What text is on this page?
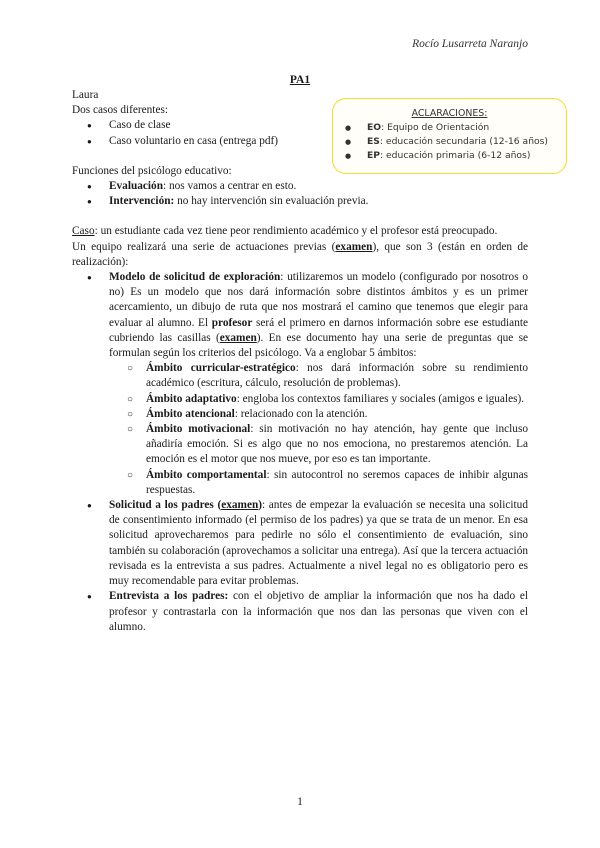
Rocío Lusarreta Naranjo
PA1
ACLARACIONES:
● EO: Equipo de Orientación
● ES: educación secundaria (12-16 años)
● EP: educación primaria (6-12 años)

Laura

Dos casos diferentes:

● Caso de clase
● Caso voluntario en casa (entrega pdf)

Funciones del psicólogo educativo:

● Evaluación: nos vamos a centrar en esto.
● Intervención: no hay intervención sin evaluación previa.

Caso: un estudiante cada vez tiene peor rendimiento académico y el profesor está preocupado.

Un equipo realizará una serie de actuaciones previas (examen), que son 3 (están en orden de realización):

● Modelo de solicitud de exploración: utilizaremos un modelo (configurado por nosotros o no) Es un modelo que nos dará información sobre distintos ámbitos y es un primer acercamiento, un dibujo de ruta que nos mostrará el camino que tenemos que elegir para evaluar al alumno. El profesor será el primero en darnos información sobre ese estudiante cubriendo las casillas (examen). En ese documento hay una serie de preguntas que se formulan según los criterios del psicólogo. Va a englobar 5 ámbitos:
○ Ámbito curricular-estratégico: nos dará información sobre su rendimiento académico (escritura, cálculo, resolución de problemas).
○ Ámbito adaptativo: engloba los contextos familiares y sociales (amigos e iguales).
○ Ámbito atencional: relacionado con la atención.
○ Ámbito motivacional: sin motivación no hay atención, hay gente que incluso añadiría emoción. Si es algo que no nos emociona, no prestaremos atención. La emoción es el motor que nos mueve, por eso es tan importante.
○ Ámbito comportamental: sin autocontrol no seremos capaces de inhibir algunas respuestas.
● Solicitud a los padres (examen): antes de empezar la evaluación se necesita una solicitud de consentimiento informado (el permiso de los padres) ya que se trata de un menor. En esa solicitud aprovecharemos para pedirle no sólo el consentimiento de evaluación, sino también su colaboración (aprovechamos a solicitar una entrega). Así que la tercera actuación revisada es la entrevista a sus padres. Actualmente a nivel legal no es obligatorio pero es muy recomendable para evitar problemas.
● Entrevista a los padres: con el objetivo de ampliar la información que nos ha dado el profesor y contrastarla con la información que nos dan las personas que viven con el alumno.
1
